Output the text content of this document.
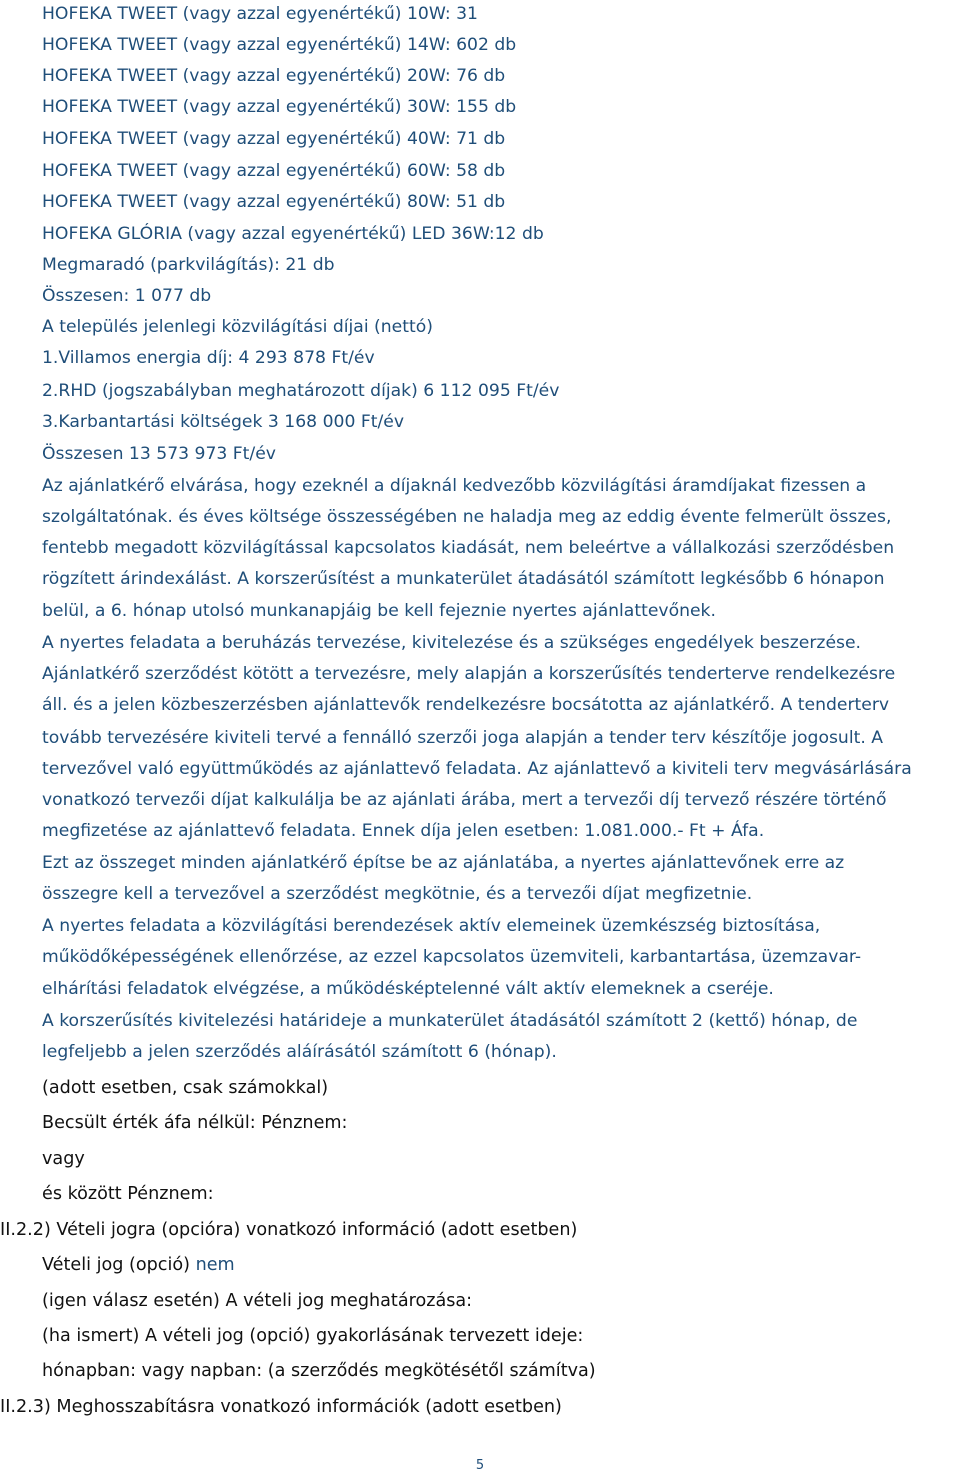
HOFEKA TWEET (vagy azzal egyenértékű) 10W: 31
HOFEKA TWEET (vagy azzal egyenértékű) 14W: 602 db
HOFEKA TWEET (vagy azzal egyenértékű) 20W: 76 db
HOFEKA TWEET (vagy azzal egyenértékű) 30W: 155 db
HOFEKA TWEET (vagy azzal egyenértékű) 40W: 71 db
HOFEKA TWEET (vagy azzal egyenértékű) 60W: 58 db
HOFEKA TWEET (vagy azzal egyenértékű) 80W: 51 db
HOFEKA GLÓRIA (vagy azzal egyenértékű) LED 36W:12 db
Megmaradó (parkvilágítás): 21 db
Összesen: 1 077 db
A település jelenlegi közvilágítási díjai (nettó)
1.Villamos energia díj: 4 293 878 Ft/év
2.RHD (jogszabályban meghatározott díjak) 6 112 095 Ft/év
3.Karbantartási költségek 3 168 000 Ft/év
Összesen 13 573 973 Ft/év
Az ajánlatkérő elvárása, hogy ezeknél a díjaknál kedvezőbb közvilágítási áramdíjakat fizessen a
szolgáltatónak. és éves költsége összességében ne haladja meg az eddig évente felmerült összes,
fentebb megadott közvilágítással kapcsolatos kiadását, nem beleértve a vállalkozási szerződésben
rögzített árindexálást. A korszerűsítést a munkaterület átadásától számított legkésőbb 6 hónapon
belül, a 6. hónap utolsó munkanapjáig be kell fejeznie nyertes ajánlattevőnek.
A nyertes feladata a beruházás tervezése, kivitelezése és a szükséges engedélyek beszerzése.
Ajánlatkérő szerződést kötött a tervezésre, mely alapján a korszerűsítés tenderterve rendelkezésre
áll. és a jelen közbeszerzésben ajánlattevők rendelkezésre bocsátotta az ajánlatkérő. A tenderterv
tovább tervezésére kiviteli tervé a fennálló szerzői joga alapján a tender terv készítője jogosult. A
tervezővel való együttműködés az ajánlattevő feladata. Az ajánlattevő a kiviteli terv megvásárlására
vonatkozó tervezői díjat kalkulálja be az ajánlati árába, mert a tervezői díj tervező részére történő
megfizetése az ajánlattevő feladata. Ennek díja jelen esetben: 1.081.000.- Ft + Áfa.
Ezt az összeget minden ajánlatkérő építse be az ajánlatába, a nyertes ajánlattevőnek erre az
összegre kell a tervezővel a szerződést megkötnie, és a tervezői díjat megfizetnie.
A nyertes feladata a közvilágítási berendezések aktív elemeinek üzemkészség biztosítása,
működőképességének ellenőrzése, az ezzel kapcsolatos üzemviteli, karbantartása, üzemzavar-
elhárítási feladatok elvégzése, a működésképtelenné vált aktív elemeknek a cseréje.
A korszerűsítés kivitelezési határideje a munkaterület átadásától számított 2 (kettő) hónap, de
legfeljebb a jelen szerződés aláírásától számított 6 (hónap).
(adott esetben, csak számokkal)
Becsült érték áfa nélkül: Pénznem:
vagy
és között Pénznem:
II.2.2) Vételi jogra (opcióra) vonatkozó információ (adott esetben)
Vételi jog (opció) nem
(igen válasz esetén) A vételi jog meghatározása:
(ha ismert) A vételi jog (opció) gyakorlásának tervezett ideje:
hónapban: vagy napban: (a szerződés megkötésétől számítva)
II.2.3) Meghosszabításra vonatkozó információk (adott esetben)
5
